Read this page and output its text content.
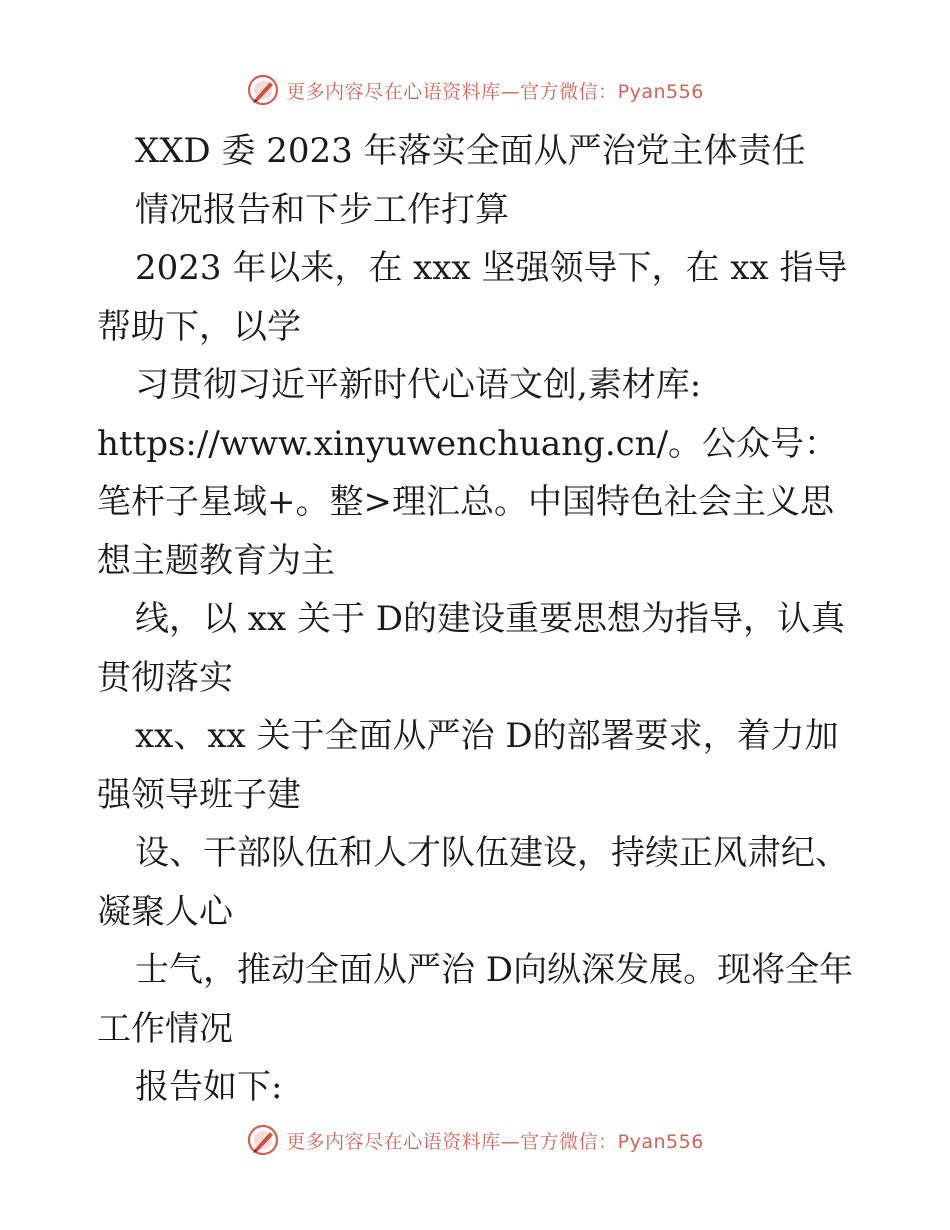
更多内容尽在心语资料库—官方微信：Pyan556

XXD 委 2023 年落实全面从严治党主体责任

情况报告和下步工作打算

2023 年以来，在 xxx 坚强领导下，在 xx 指导帮助下，以学

习贯彻习近平新时代心语文创,素材库:

https://www.xinyuwenchuang.cn/。公众号：笔杆子星域+。整>理汇总。中国特色社会主义思想主题教育为主

线，以 xx 关于 D的建设重要思想为指导，认真贯彻落实

xx、xx 关于全面从严治 D的部署要求，着力加强领导班子建

设、干部队伍和人才队伍建设，持续正风肃纪、凝聚人心

士气，推动全面从严治 D向纵深发展。现将全年工作情况

报告如下:

更多内容尽在心语资料库—官方微信：Pyan556
